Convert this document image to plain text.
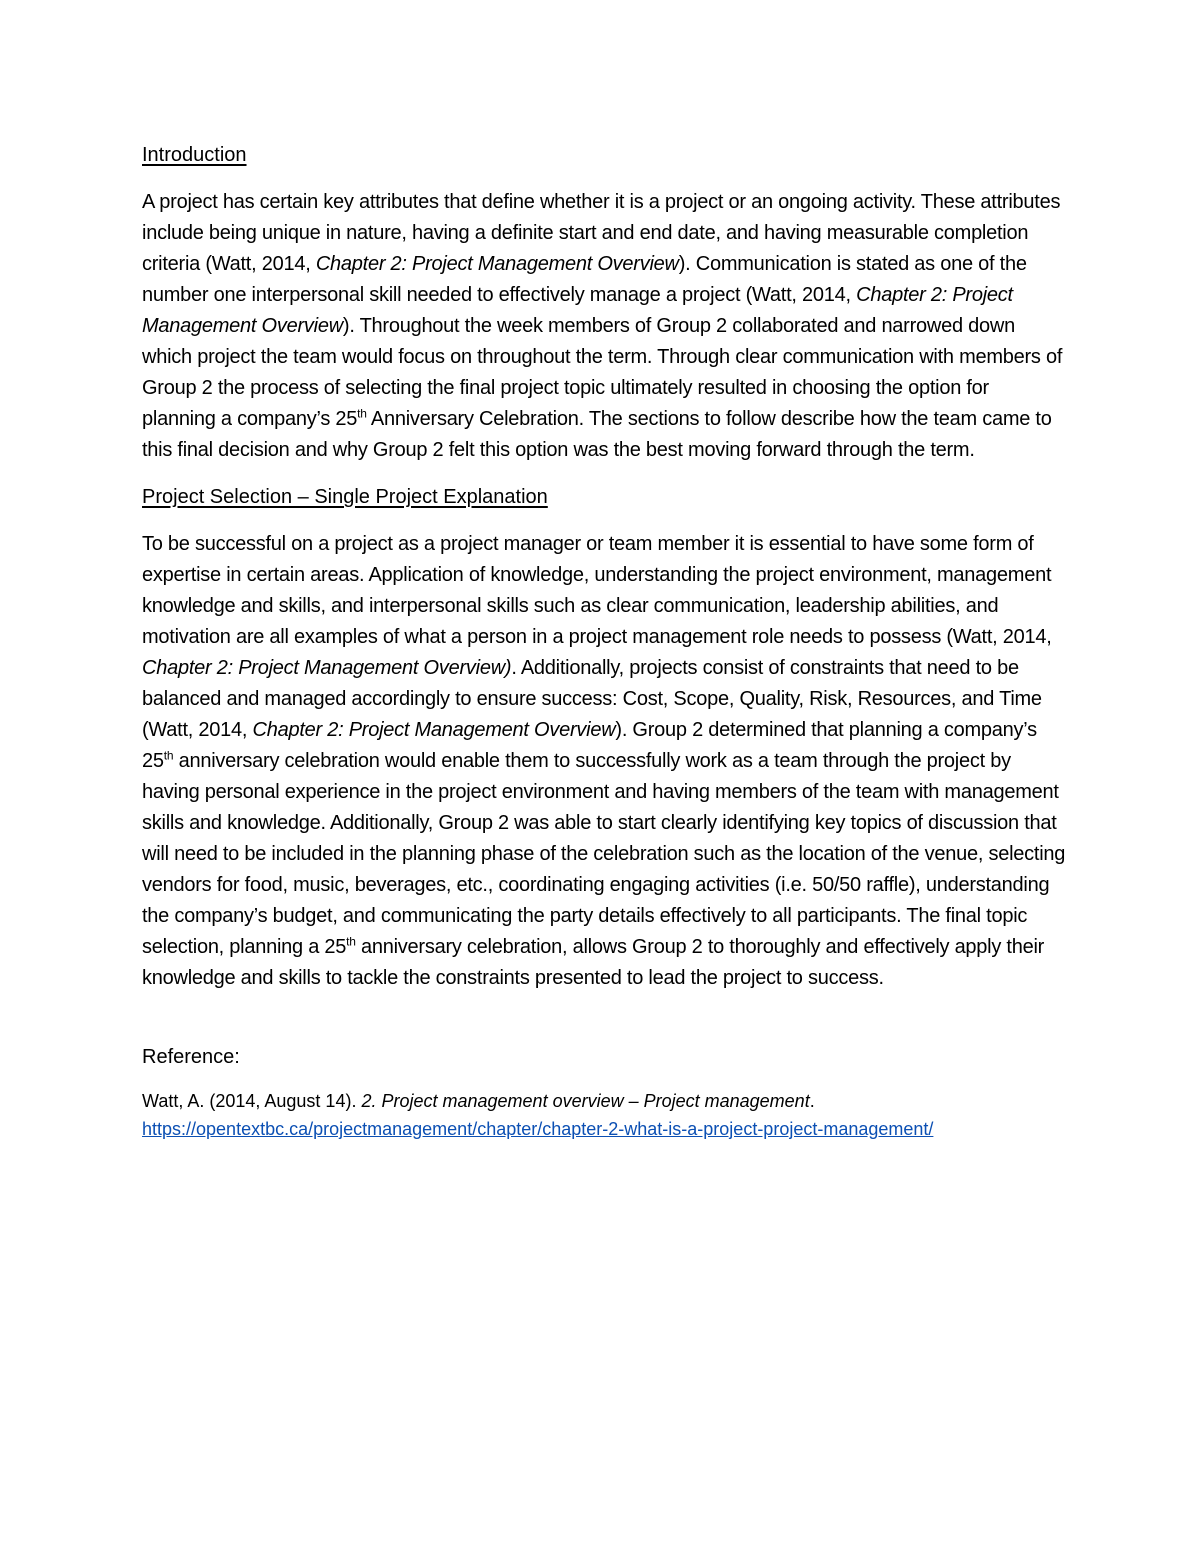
Introduction

A project has certain key attributes that define whether it is a project or an ongoing activity. These attributes include being unique in nature, having a definite start and end date, and having measurable completion criteria (Watt, 2014, Chapter 2: Project Management Overview). Communication is stated as one of the number one interpersonal skill needed to effectively manage a project (Watt, 2014, Chapter 2: Project Management Overview). Throughout the week members of Group 2 collaborated and narrowed down which project the team would focus on throughout the term. Through clear communication with members of Group 2 the process of selecting the final project topic ultimately resulted in choosing the option for planning a company’s 25th Anniversary Celebration. The sections to follow describe how the team came to this final decision and why Group 2 felt this option was the best moving forward through the term.

Project Selection – Single Project Explanation

To be successful on a project as a project manager or team member it is essential to have some form of expertise in certain areas. Application of knowledge, understanding the project environment, management knowledge and skills, and interpersonal skills such as clear communication, leadership abilities, and motivation are all examples of what a person in a project management role needs to possess (Watt, 2014, Chapter 2: Project Management Overview). Additionally, projects consist of constraints that need to be balanced and managed accordingly to ensure success: Cost, Scope, Quality, Risk, Resources, and Time (Watt, 2014, Chapter 2: Project Management Overview). Group 2 determined that planning a company’s 25th anniversary celebration would enable them to successfully work as a team through the project by having personal experience in the project environment and having members of the team with management skills and knowledge. Additionally, Group 2 was able to start clearly identifying key topics of discussion that will need to be included in the planning phase of the celebration such as the location of the venue, selecting vendors for food, music, beverages, etc., coordinating engaging activities (i.e. 50/50 raffle), understanding the company’s budget, and communicating the party details effectively to all participants. The final topic selection, planning a 25th anniversary celebration, allows Group 2 to thoroughly and effectively apply their knowledge and skills to tackle the constraints presented to lead the project to success.

Reference:

Watt, A. (2014, August 14). 2. Project management overview – Project management. https://opentextbc.ca/projectmanagement/chapter/chapter-2-what-is-a-project-project-management/
